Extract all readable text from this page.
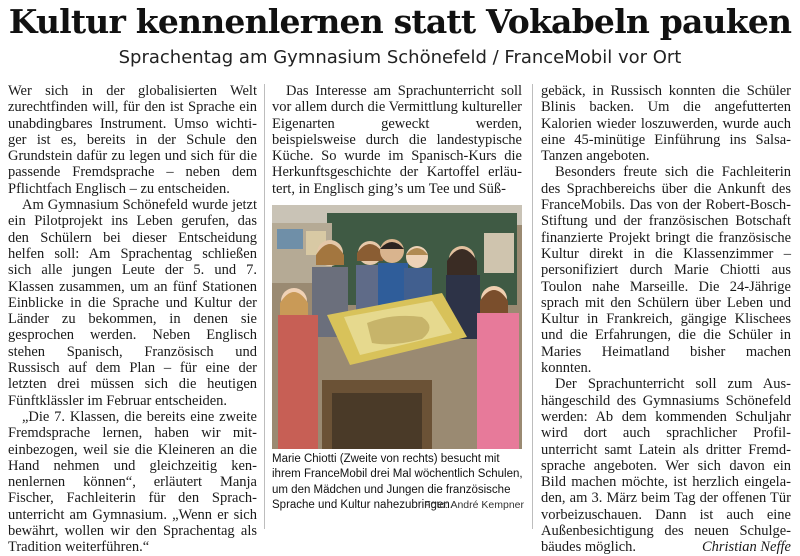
Kultur kennenlernen statt Vokabeln pauken
Sprachentag am Gymnasium Schönefeld / FranceMobil vor Ort

Wer sich in der globalisierten Welt zurechtfinden will, für den ist Sprache ein unabdingbares Instrument. Umso wichtiger ist es, bereits in der Schule den Grundstein dafür zu legen und sich für die passende Fremdsprache – neben dem Pflichtfach Englisch – zu entscheiden.

Am Gymnasium Schönefeld wurde jetzt ein Pilotprojekt ins Leben gerufen, das den Schülern bei dieser Entscheidung helfen soll: Am Sprachentag schließen sich alle jungen Leute der 5. und 7. Klassen zusammen, um an fünf Stationen Einblicke in die Sprache und Kultur der Länder zu bekommen, in denen sie gesprochen werden. Neben Englisch stehen Spanisch, Französisch und Russisch auf dem Plan – für eine der letzten drei müssen sich die heutigen Fünftklässler im Februar entscheiden.

„Die 7. Klassen, die bereits eine zweite Fremdsprache lernen, haben wir miteinbezogen, weil sie die Kleineren an die Hand nehmen und gleichzeitig kennenlernen können“, erläutert Manja Fischer, Fachleiterin für den Sprachunterricht am Gymnasium. „Wenn er sich bewährt, wollen wir den Sprachentag als Tradition weiterführen.“

Das Interesse am Sprachunterricht soll vor allem durch die Vermittlung kultureller Eigenarten geweckt werden, beispielsweise durch die landestypische Küche. So wurde im Spanisch-Kurs die Herkunftsgeschichte der Kartoffel erläutert, in Englisch ging’s um Tee und Süß-

Marie Chiotti (Zweite von rechts) besucht mit ihrem FranceMobil drei Mal wöchentlich Schulen, um den Mädchen und Jungen die französische Sprache und Kultur nahezubringen.
Foto: André Kempner

gebäck, in Russisch konnten die Schüler Blinis backen. Um die angefutterten Kalorien wieder loszuwerden, wurde auch eine 45-minütige Einführung ins Salsa-Tanzen angeboten.

Besonders freute sich die Fachleiterin des Sprachbereichs über die Ankunft des FranceMobils. Das von der Robert-Bosch-Stiftung und der französischen Botschaft finanzierte Projekt bringt die französische Kultur direkt in die Klassenzimmer – personifiziert durch Marie Chiotti aus Toulon nahe Marseille. Die 24-Jährige sprach mit den Schülern über Leben und Kultur in Frankreich, gängige Klischees und die Erfahrungen, die die Schüler in Maries Heimatland bisher machen konnten.

Der Sprachunterricht soll zum Aushängeschild des Gymnasiums Schönefeld werden: Ab dem kommenden Schuljahr wird dort auch sprachlicher Profilunterricht samt Latein als dritter Fremdsprache angeboten. Wer sich davon ein Bild machen möchte, ist herzlich eingeladen, am 3. März beim Tag der offenen Tür vorbeizuschauen. Dann ist auch eine Außenbesichtigung des neuen Schulgebäudes möglich.	Christian Neffe
